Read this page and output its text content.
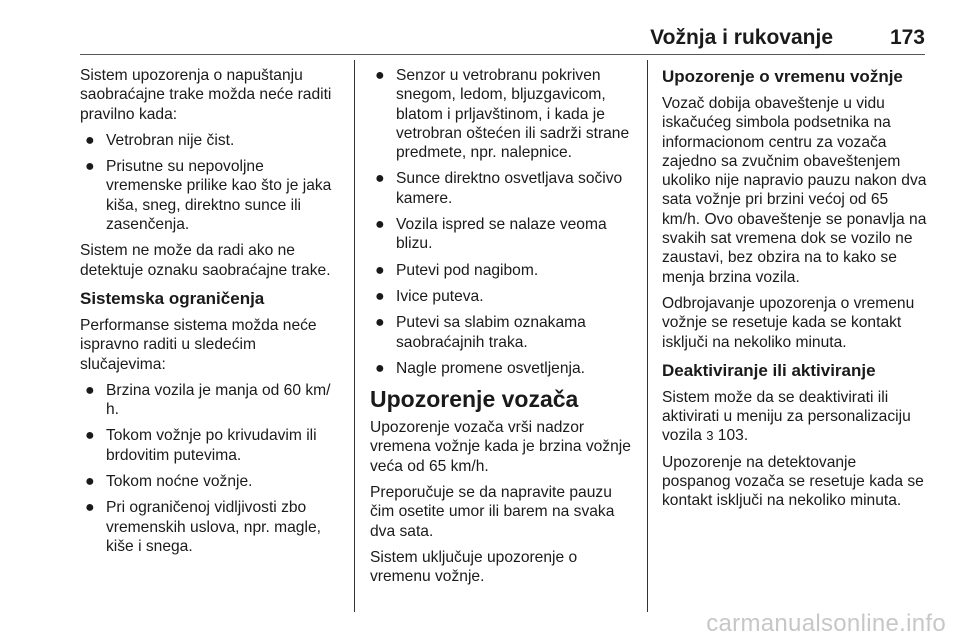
Vožnja i rukovanje	173

Sistem upozorenja o napuštanju saobraćajne trake možda neće raditi pravilno kada:

● Vetrobran nije čist.
● Prisutne su nepovoljne vremenske prilike kao što je jaka kiša, sneg, direktno sunce ili zasenčenja.

Sistem ne može da radi ako ne detektuje oznaku saobraćajne trake.

Sistemska ograničenja

Performanse sistema možda neće ispravno raditi u sledećim slučajevima:

● Brzina vozila je manja od 60 km/ h.
● Tokom vožnje po krivudavim ili brdovitim putevima.
● Tokom noćne vožnje.
● Pri ograničenoj vidljivosti zbo vremenskih uslova, npr. magle, kiše i snega.
● Senzor u vetrobranu pokriven snegom, ledom, bljuzgavicom, blatom i prljavštinom, i kada je vetrobran oštećen ili sadrži strane predmete, npr. nalepnice.
● Sunce direktno osvetljava sočivo kamere.
● Vozila ispred se nalaze veoma blizu.
● Putevi pod nagibom.
● Ivice puteva.
● Putevi sa slabim oznakama saobraćajnih traka.
● Nagle promene osvetljenja.
Upozorenje vozača

Upozorenje vozača vrši nadzor vremena vožnje kada je brzina vožnje veća od 65 km/h.

Preporučuje se da napravite pauzu čim osetite umor ili barem na svaka dva sata.

Sistem uključuje upozorenje o vremenu vožnje.

Upozorenje o vremenu vožnje

Vozač dobija obaveštenje u vidu iskačućeg simbola podsetnika na informacionom centru za vozača zajedno sa zvučnim obaveštenjem ukoliko nije napravio pauzu nakon dva sata vožnje pri brzini većoj od 65 km/h. Ovo obaveštenje se ponavlja na svakih sat vremena dok se vozilo ne zaustavi, bez obzira na to kako se menja brzina vozila.

Odbrojavanje upozorenja o vremenu vožnje se resetuje kada se kontakt isključi na nekoliko minuta.

Deaktiviranje ili aktiviranje

Sistem može da se deaktivirati ili aktivirati u meniju za personalizaciju vozila 3 103.

Upozorenje na detektovanje pospanog vozača se resetuje kada se kontakt isključi na nekoliko minuta.

carmanualsonline.info
